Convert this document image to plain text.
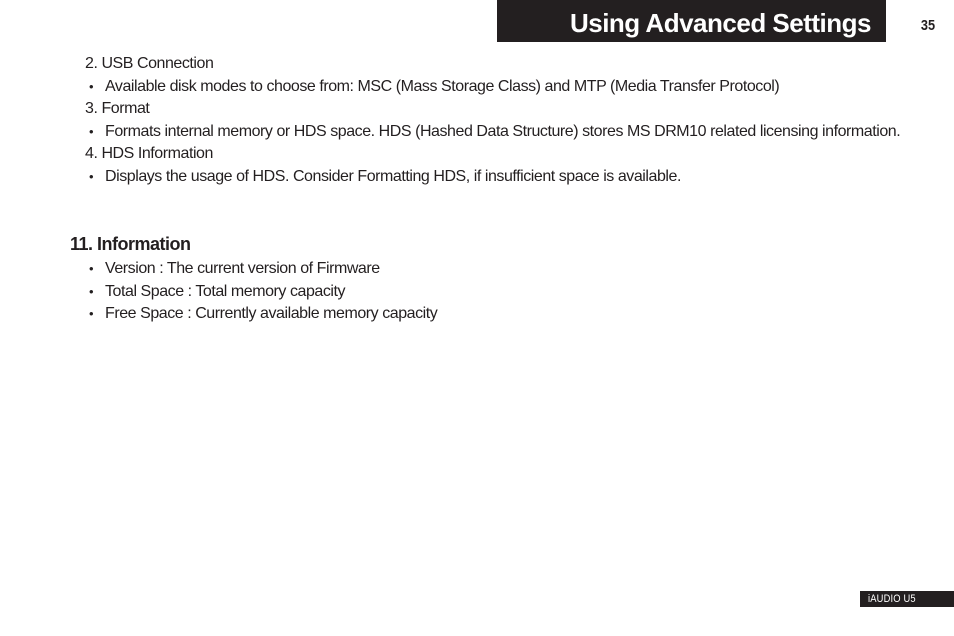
Using Advanced Settings	35
2. USB Connection
• Available disk modes to choose from: MSC (Mass Storage Class) and MTP (Media Transfer Protocol)
3. Format
• Formats internal memory or HDS space. HDS (Hashed Data Structure) stores MS DRM10 related licensing information.
4. HDS Information
• Displays the usage of HDS. Consider Formatting HDS, if insufficient space is available.
11. Information
• Version : The current version of Firmware
• Total Space : Total memory capacity
• Free Space : Currently available memory capacity
iAUDIO U5
